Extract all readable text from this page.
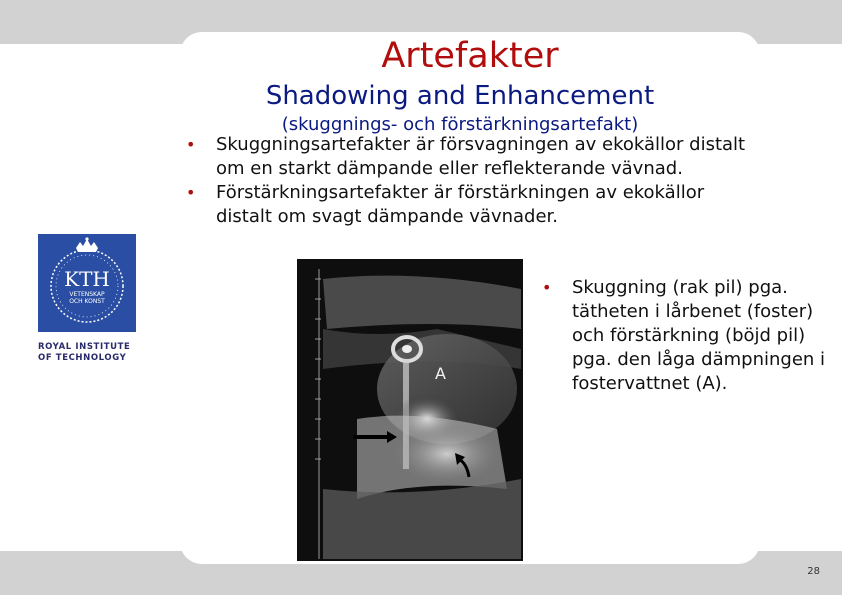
Artefakter
Shadowing and Enhancement
(skuggnings- och förstärkningsartefakt)
• Skuggningsartefakter är försvagningen av ekokällor distalt om en starkt dämpande eller reflekterande vävnad.
• Förstärkningsartefakter är förstärkningen av ekokällor distalt om svagt dämpande vävnader.
KTH
VETENSKAP
OCH KONST
ROYAL INSTITUTE
OF TECHNOLOGY
A
• Skuggning (rak pil) pga. tätheten i lårbenet (foster) och förstärkning (böjd pil) pga. den låga dämpningen i fostervattnet (A).
28
